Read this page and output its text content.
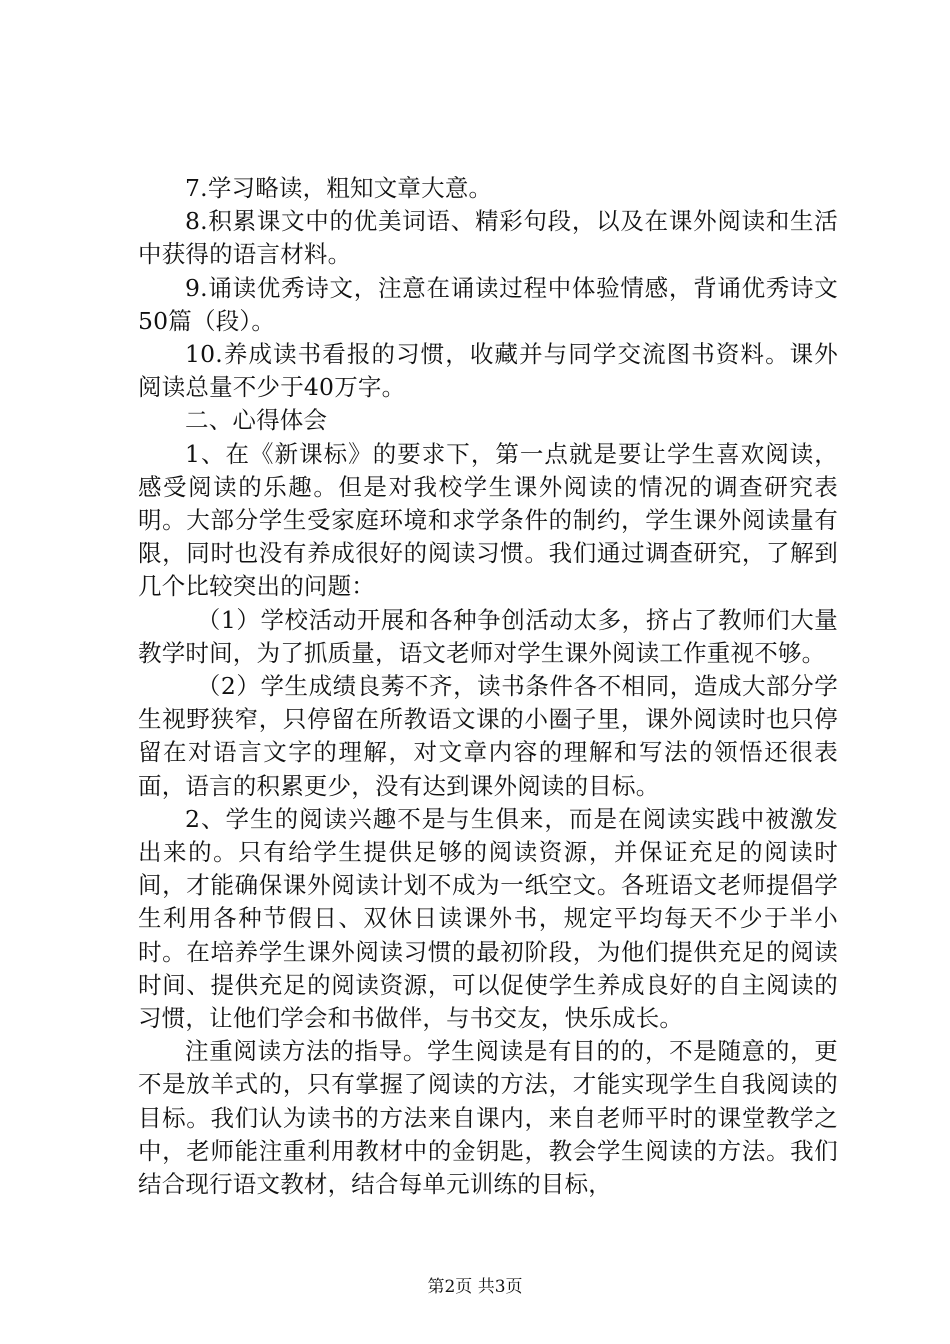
7.学习略读，粗知文章大意。

8.积累课文中的优美词语、精彩句段，以及在课外阅读和生活中获得的语言材料。

9.诵读优秀诗文，注意在诵读过程中体验情感，背诵优秀诗文50篇（段）。

10.养成读书看报的习惯，收藏并与同学交流图书资料。课外阅读总量不少于40万字。

二、心得体会

1、在《新课标》的要求下，第一点就是要让学生喜欢阅读，感受阅读的乐趣。但是对我校学生课外阅读的情况的调查研究表明。大部分学生受家庭环境和求学条件的制约，学生课外阅读量有限，同时也没有养成很好的阅读习惯。我们通过调查研究，了解到几个比较突出的问题：

（1）学校活动开展和各种争创活动太多，挤占了教师们大量教学时间，为了抓质量，语文老师对学生课外阅读工作重视不够。

（2）学生成绩良莠不齐，读书条件各不相同，造成大部分学生视野狭窄，只停留在所教语文课的小圈子里，课外阅读时也只停留在对语言文字的理解，对文章内容的理解和写法的领悟还很表面，语言的积累更少，没有达到课外阅读的目标。

2、学生的阅读兴趣不是与生俱来，而是在阅读实践中被激发出来的。只有给学生提供足够的阅读资源，并保证充足的阅读时间，才能确保课外阅读计划不成为一纸空文。各班语文老师提倡学生利用各种节假日、双休日读课外书，规定平均每天不少于半小时。在培养学生课外阅读习惯的最初阶段，为他们提供充足的阅读时间、提供充足的阅读资源，可以促使学生养成良好的自主阅读的习惯，让他们学会和书做伴，与书交友，快乐成长。

注重阅读方法的指导。学生阅读是有目的的，不是随意的，更不是放羊式的，只有掌握了阅读的方法，才能实现学生自我阅读的目标。我们认为读书的方法来自课内，来自老师平时的课堂教学之中，老师能注重利用教材中的金钥匙，教会学生阅读的方法。我们结合现行语文教材，结合每单元训练的目标，

第2页 共3页
